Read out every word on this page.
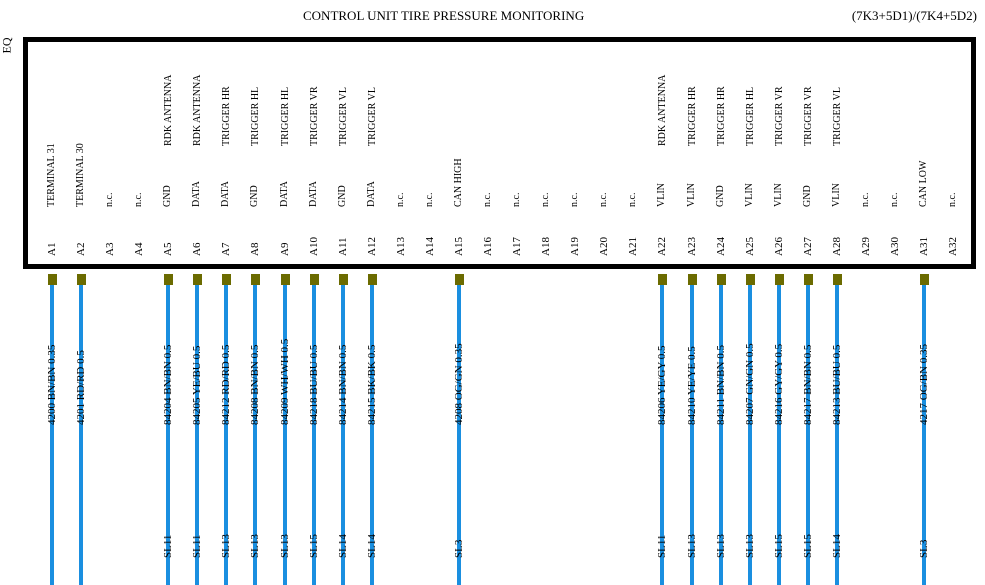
CONTROL UNIT TIRE PRESSURE MONITORING	(7K3+5D1)/(7K4+5D2)
EQ
A1
TERMINAL 31
4200 BN/BN 0.35
A2
TERMINAL 30
4201 RD/RD 0.5
A3
n.c.
A4
n.c.
A5
GND
RDK ANTENNA
84204 BN/BN 0.5
SL11
A6
DATA
RDK ANTENNA
84205 YE/BU 0.5
SL11
A7
DATA
TRIGGER HR
84212 RD/RD 0.5
SL13
A8
GND
TRIGGER HL
84208 BN/BN 0.5
SL13
A9
DATA
TRIGGER HL
84209 WH/WH 0.5
SL13
A10
DATA
TRIGGER VR
84218 BU/BU 0.5
SL15
A11
GND
TRIGGER VL
84214 BN/BN 0.5
SL14
A12
DATA
TRIGGER VL
84215 BK/BK 0.5
SL14
A13
n.c.
A14
n.c.
A15
CAN HIGH
4208 OG/GN 0.35
SL3
A16
n.c.
A17
n.c.
A18
n.c.
A19
n.c.
A20
n.c.
A21
n.c.
A22
VLIN
RDK ANTENNA
84206 YE/GY 0.5
SL11
A23
VLIN
TRIGGER HR
84210 YE/YE 0.5
SL13
A24
GND
TRIGGER HR
84211 BN/BN 0.5
SL13
A25
VLIN
TRIGGER HL
84207 GN/GN 0.5
SL13
A26
VLIN
TRIGGER VR
84216 GY/GY 0.5
SL15
A27
GND
TRIGGER VR
84217 BN/BN 0.5
SL15
A28
VLIN
TRIGGER VL
84213 BU/BU 0.5
SL14
A29
n.c.
A30
n.c.
A31
CAN LOW
4217 OG/BN 0.35
SL3
A32
n.c.
